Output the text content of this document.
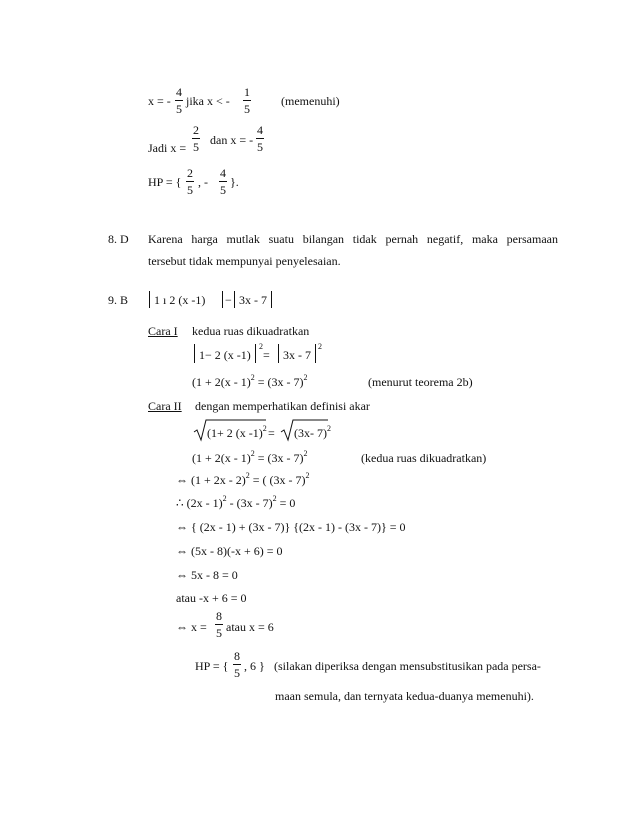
x = - $\frac{4}{5}$ jika x < - $\frac{1}{5}$	(memenuhi)
Jadi $x = \frac{2}{5}$ dan x = - $\frac{4}{5}$
HP = { $\frac{2}{5}$ , - $\frac{4}{5}$ }.
8. D Karena harga mutlak suatu bilangan tidak pernah negatif, maka persamaan
tersebut tidak mempunyai penyelesaian.
9. B 1 ı 2 (x -1) − 3x - 7
Cara I kedua ruas dikuadratkan
1− 2 (x -1)
2
= 3x - 7
2
(1 + 2(x - 1)$^2$ = (3x - 7)$^2$	(menurut teorema 2b)
Cara II dengan memperhatikan definisi akar
(1+ 2 (x -1)$^2$ = (3x- 7)$^2$
(1 + 2(x - 1)$^2$ = (3x - 7)$^2$	(kedua ruas dikuadratkan)
⇔ $(1 + 2x - 2)^2$ = ( (3x - 7)$^2$
∴ (2x - 1)$^2$ - (3x - 7)$^2$ = 0
⇔ { (2x - 1) + (3x - 7)} {(2x - 1) - (3x - 7)} = 0
⇔ (5x - 8)(-x + 6) = 0
⇔ 5x - 8 = 0
atau -x + 6 = 0
⇔ $x = \frac{8}{5}$ atau x = 6
HP = { $\frac{8}{5}$ , 6 } (silakan diperiksa dengan mensubstitusikan pada persa-
maan semula, dan ternyata kedua-duanya memenuhi).
